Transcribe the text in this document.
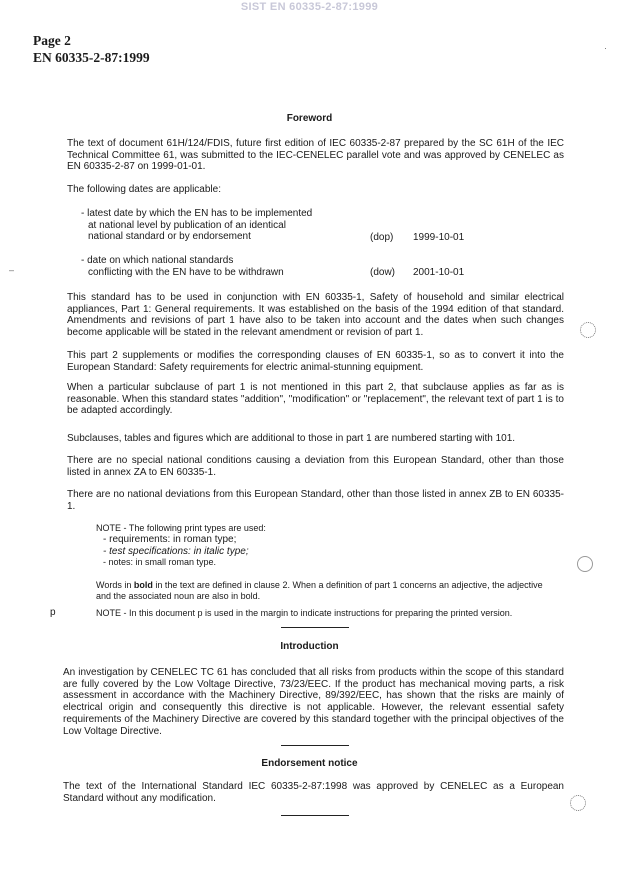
SIST EN 60335-2-87:1999
Page 2
EN 60335-2-87:1999
–
·
Foreword

The text of document 61H/124/FDIS, future first edition of IEC 60335-2-87 prepared by the SC 61H of the IEC Technical Committee 61, was submitted to the IEC-CENELEC parallel vote and was approved by CENELEC as EN 60335-2-87 on 1999-01-01.

The following dates are applicable:

- latest date by which the EN has to be implemented
at national level by publication of an identical
national standard or by endorsement	(dop)	1999-10-01
- date on which national standards
conflicting with the EN have to be withdrawn	(dow)	2001-10-01

This standard has to be used in conjunction with EN 60335-1, Safety of household and similar electrical appliances, Part 1: General requirements. It was established on the basis of the 1994 edition of that standard. Amendments and revisions of part 1 have also to be taken into account and the dates when such changes become applicable will be stated in the relevant amendment or revision of part 1.

This part 2 supplements or modifies the corresponding clauses of EN 60335-1, so as to convert it into the European Standard: Safety requirements for electric animal-stunning equipment.

When a particular subclause of part 1 is not mentioned in this part 2, that subclause applies as far as is reasonable. When this standard states "addition", "modification" or "replacement", the relevant text of part 1 is to be adapted accordingly.

Subclauses, tables and figures which are additional to those in part 1 are numbered starting with 101.

There are no special national conditions causing a deviation from this European Standard, other than those listed in annex ZA to EN 60335-1.

There are no national deviations from this European Standard, other than those listed in annex ZB to EN 60335-1.

NOTE - The following print types are used:
- requirements: in roman type;
- test specifications: in italic type;
- notes: in small roman type.

Words in bold in the text are defined in clause 2. When a definition of part 1 concerns an adjective, the adjective and the associated noun are also in bold.

p	NOTE - In this document p is used in the margin to indicate instructions for preparing the printed version.

Introduction

An investigation by CENELEC TC 61 has concluded that all risks from products within the scope of this standard are fully covered by the Low Voltage Directive, 73/23/EEC. If the product has mechanical moving parts, a risk assessment in accordance with the Machinery Directive, 89/392/EEC, has shown that the risks are mainly of electrical origin and consequently this directive is not applicable. However, the relevant essential safety requirements of the Machinery Directive are covered by this standard together with the principal objectives of the Low Voltage Directive.

Endorsement notice

The text of the International Standard IEC 60335-2-87:1998 was approved by CENELEC as a European Standard without any modification.
